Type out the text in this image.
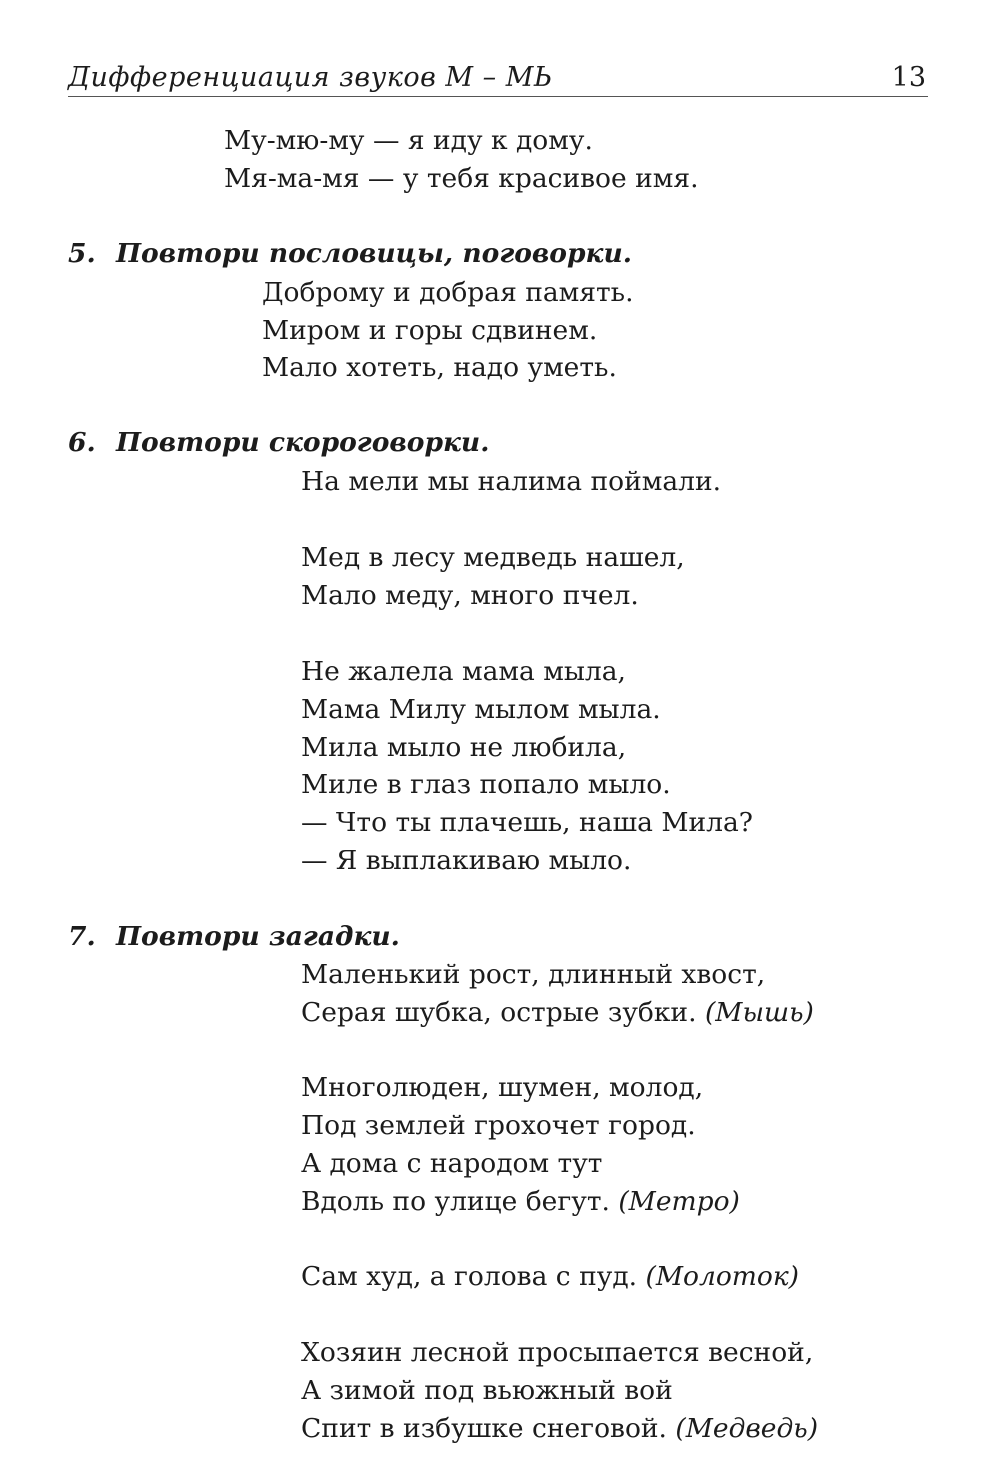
Дифференциация звуков М – МЬ	13
Му-мю-му — я иду к дому.
Мя-ма-мя — у тебя красивое имя.
5. Повтори пословицы, поговорки.
Доброму и добрая память.
Миром и горы сдвинем.
Мало хотеть, надо уметь.
6. Повтори скороговорки.
На мели мы налима поймали.
Мед в лесу медведь нашел,
Мало меду, много пчел.
Не жалела мама мыла,
Мама Милу мылом мыла.
Мила мыло не любила,
Миле в глаз попало мыло.
— Что ты плачешь, наша Мила?
— Я выплакиваю мыло.
7. Повтори загадки.
Маленький рост, длинный хвост,
Серая шубка, острые зубки. (Мышь)
Многолюден, шумен, молод,
Под землей грохочет город.
А дома с народом тут
Вдоль по улице бегут. (Метро)
Сам худ, а голова с пуд. (Молоток)
Хозяин лесной просыпается весной,
А зимой под вьюжный вой
Спит в избушке снеговой. (Медведь)
